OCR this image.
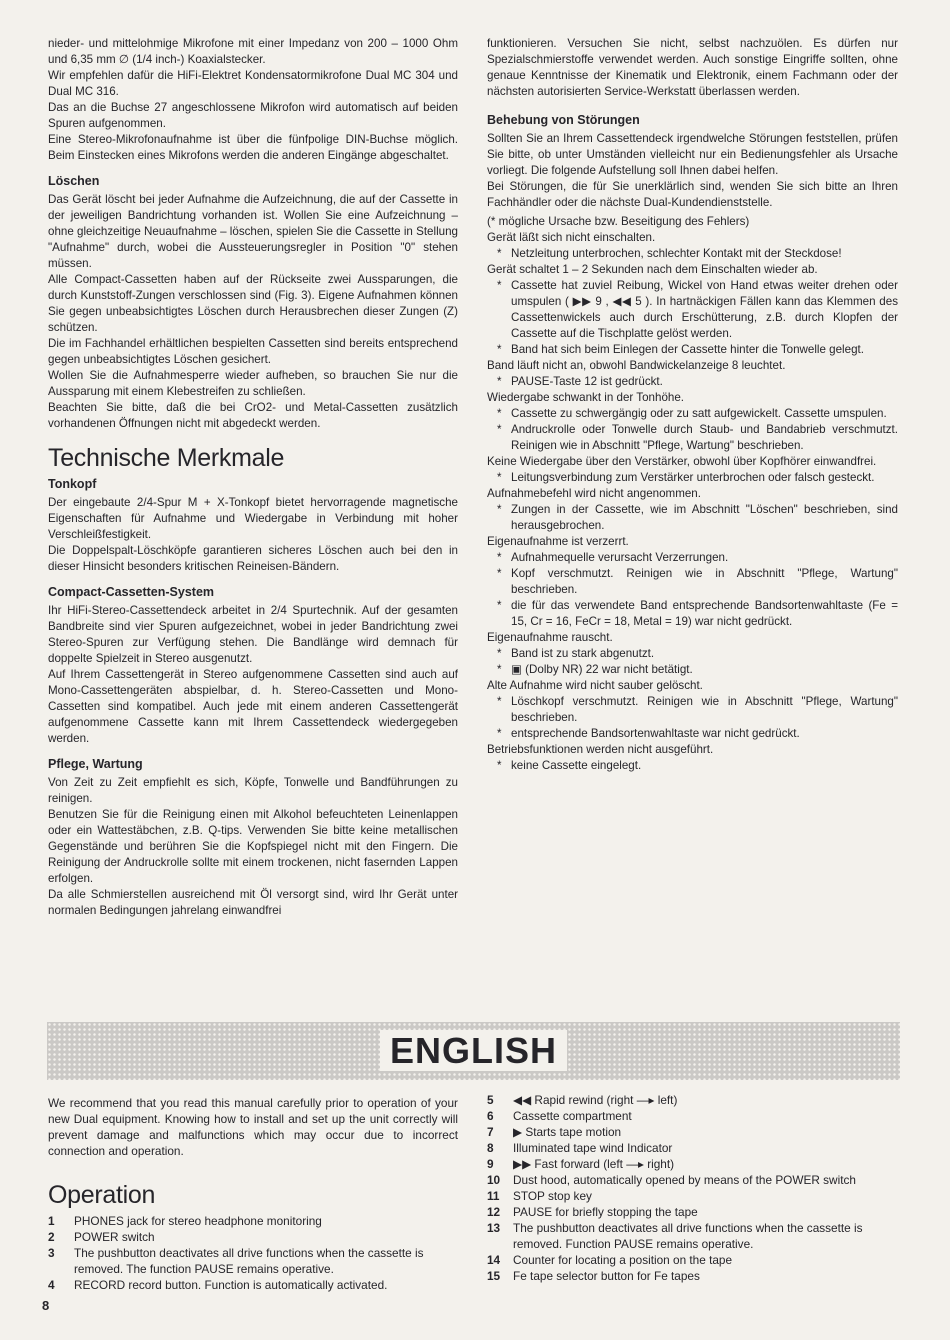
nieder- und mittelohmige Mikrofone mit einer Impedanz von 200 – 1000 Ohm und 6,35 mm ∅ (1/4 inch-) Koaxialstecker.

Wir empfehlen dafür die HiFi-Elektret Kondensatormikrofone Dual MC 304 und Dual MC 316.

Das an die Buchse 27 angeschlossene Mikrofon wird automatisch auf beiden Spuren aufgenommen.

Eine Stereo-Mikrofonaufnahme ist über die fünfpolige DIN-Buchse möglich. Beim Einstecken eines Mikrofons werden die anderen Eingänge abgeschaltet.

Löschen

Das Gerät löscht bei jeder Aufnahme die Aufzeichnung, die auf der Cassette in der jeweiligen Bandrichtung vorhanden ist. Wollen Sie eine Aufzeichnung – ohne gleichzeitige Neuaufnahme – löschen, spielen Sie die Cassette in Stellung "Aufnahme" durch, wobei die Aussteuerungsregler in Position "0" stehen müssen.

Alle Compact-Cassetten haben auf der Rückseite zwei Aussparungen, die durch Kunststoff-Zungen verschlossen sind (Fig. 3). Eigene Aufnahmen können Sie gegen unbeabsichtigtes Löschen durch Herausbrechen dieser Zungen (Z) schützen.

Die im Fachhandel erhältlichen bespielten Cassetten sind bereits entsprechend gegen unbeabsichtigtes Löschen gesichert.

Wollen Sie die Aufnahmesperre wieder aufheben, so brauchen Sie nur die Aussparung mit einem Klebestreifen zu schließen.

Beachten Sie bitte, daß die bei CrO2- und Metal-Cassetten zusätzlich vorhandenen Öffnungen nicht mit abgedeckt werden.

Technische Merkmale
Tonkopf

Der eingebaute 2/4-Spur M + X-Tonkopf bietet hervorragende magnetische Eigenschaften für Aufnahme und Wiedergabe in Verbindung mit hoher Verschleißfestigkeit.

Die Doppelspalt-Löschköpfe garantieren sicheres Löschen auch bei den in dieser Hinsicht besonders kritischen Reineisen-Bändern.

Compact-Cassetten-System

Ihr HiFi-Stereo-Cassettendeck arbeitet in 2/4 Spurtechnik. Auf der gesamten Bandbreite sind vier Spuren aufgezeichnet, wobei in jeder Bandrichtung zwei Stereo-Spuren zur Verfügung stehen. Die Bandlänge wird demnach für doppelte Spielzeit in Stereo ausgenutzt.

Auf Ihrem Cassettengerät in Stereo aufgenommene Cassetten sind auch auf Mono-Cassettengeräten abspielbar, d. h. Stereo-Cassetten und Mono-Cassetten sind kompatibel. Auch jede mit einem anderen Cassettengerät aufgenommene Cassette kann mit Ihrem Cassettendeck wiedergegeben werden.

Pflege, Wartung

Von Zeit zu Zeit empfiehlt es sich, Köpfe, Tonwelle und Bandführungen zu reinigen.

Benutzen Sie für die Reinigung einen mit Alkohol befeuchteten Leinenlappen oder ein Wattestäbchen, z.B. Q-tips. Verwenden Sie bitte keine metallischen Gegenstände und berühren Sie die Kopfspiegel nicht mit den Fingern. Die Reinigung der Andruckrolle sollte mit einem trockenen, nicht fasernden Lappen erfolgen.

Da alle Schmierstellen ausreichend mit Öl versorgt sind, wird Ihr Gerät unter normalen Bedingungen jahrelang einwandfrei

funktionieren. Versuchen Sie nicht, selbst nachzuölen. Es dürfen nur Spezialschmierstoffe verwendet werden. Auch sonstige Eingriffe sollten, ohne genaue Kenntnisse der Kinematik und Elektronik, einem Fachmann oder der nächsten autorisierten Service-Werkstatt überlassen werden.

Behebung von Störungen

Sollten Sie an Ihrem Cassettendeck irgendwelche Störungen feststellen, prüfen Sie bitte, ob unter Umständen vielleicht nur ein Bedienungsfehler als Ursache vorliegt. Die folgende Aufstellung soll Ihnen dabei helfen.

Bei Störungen, die für Sie unerklärlich sind, wenden Sie sich bitte an Ihren Fachhändler oder die nächste Dual-Kundendienststelle.

(* mögliche Ursache bzw. Beseitigung des Fehlers)

Gerät läßt sich nicht einschalten.

* Netzleitung unterbrochen, schlechter Kontakt mit der Steckdose!

Gerät schaltet 1 – 2 Sekunden nach dem Einschalten wieder ab.

* Cassette hat zuviel Reibung, Wickel von Hand etwas weiter drehen oder umspulen ( ▶▶ 9 , ◀◀ 5 ). In hartnäckigen Fällen kann das Klemmen des Cassettenwickels auch durch Erschütterung, z.B. durch Klopfen der Cassette auf die Tischplatte gelöst werden.

* Band hat sich beim Einlegen der Cassette hinter die Tonwelle gelegt.

Band läuft nicht an, obwohl Bandwickelanzeige 8 leuchtet.

* PAUSE-Taste 12 ist gedrückt.

Wiedergabe schwankt in der Tonhöhe.

* Cassette zu schwergängig oder zu satt aufgewickelt. Cassette umspulen.

* Andruckrolle oder Tonwelle durch Staub- und Bandabrieb verschmutzt. Reinigen wie in Abschnitt "Pflege, Wartung" beschrieben.

Keine Wiedergabe über den Verstärker, obwohl über Kopfhörer einwandfrei.

* Leitungsverbindung zum Verstärker unterbrochen oder falsch gesteckt.

Aufnahmebefehl wird nicht angenommen.

* Zungen in der Cassette, wie im Abschnitt "Löschen" beschrieben, sind herausgebrochen.

Eigenaufnahme ist verzerrt.

* Aufnahmequelle verursacht Verzerrungen.

* Kopf verschmutzt. Reinigen wie in Abschnitt "Pflege, Wartung" beschrieben.

* die für das verwendete Band entsprechende Bandsortenwahltaste (Fe = 15, Cr = 16, FeCr = 18, Metal = 19) war nicht gedrückt.

Eigenaufnahme rauscht.

* Band ist zu stark abgenutzt.

* ▣ (Dolby NR) 22 war nicht betätigt.

Alte Aufnahme wird nicht sauber gelöscht.

* Löschkopf verschmutzt. Reinigen wie in Abschnitt "Pflege, Wartung" beschrieben.

* entsprechende Bandsortenwahltaste war nicht gedrückt.

Betriebsfunktionen werden nicht ausgeführt.

* keine Cassette eingelegt.

ENGLISH

We recommend that you read this manual carefully prior to operation of your new Dual equipment. Knowing how to install and set up the unit correctly will prevent damage and malfunctions which may occur due to incorrect connection and operation.

Operation
1	PHONES jack for stereo headphone monitoring
2	POWER switch
3	The pushbutton deactivates all drive functions when the cassette is removed. The function PAUSE remains operative.
4	RECORD record button. Function is automatically activated.
5	◀◀ Rapid rewind (right —▸ left)
6	Cassette compartment
7	▶ Starts tape motion
8	Illuminated tape wind Indicator
9	▶▶ Fast forward (left —▸ right)
10	Dust hood, automatically opened by means of the POWER switch
11	STOP stop key
12	PAUSE for briefly stopping the tape
13	The pushbutton deactivates all drive functions when the cassette is removed. Function PAUSE remains operative.
14	Counter for locating a position on the tape
15	Fe tape selector button for Fe tapes
8
